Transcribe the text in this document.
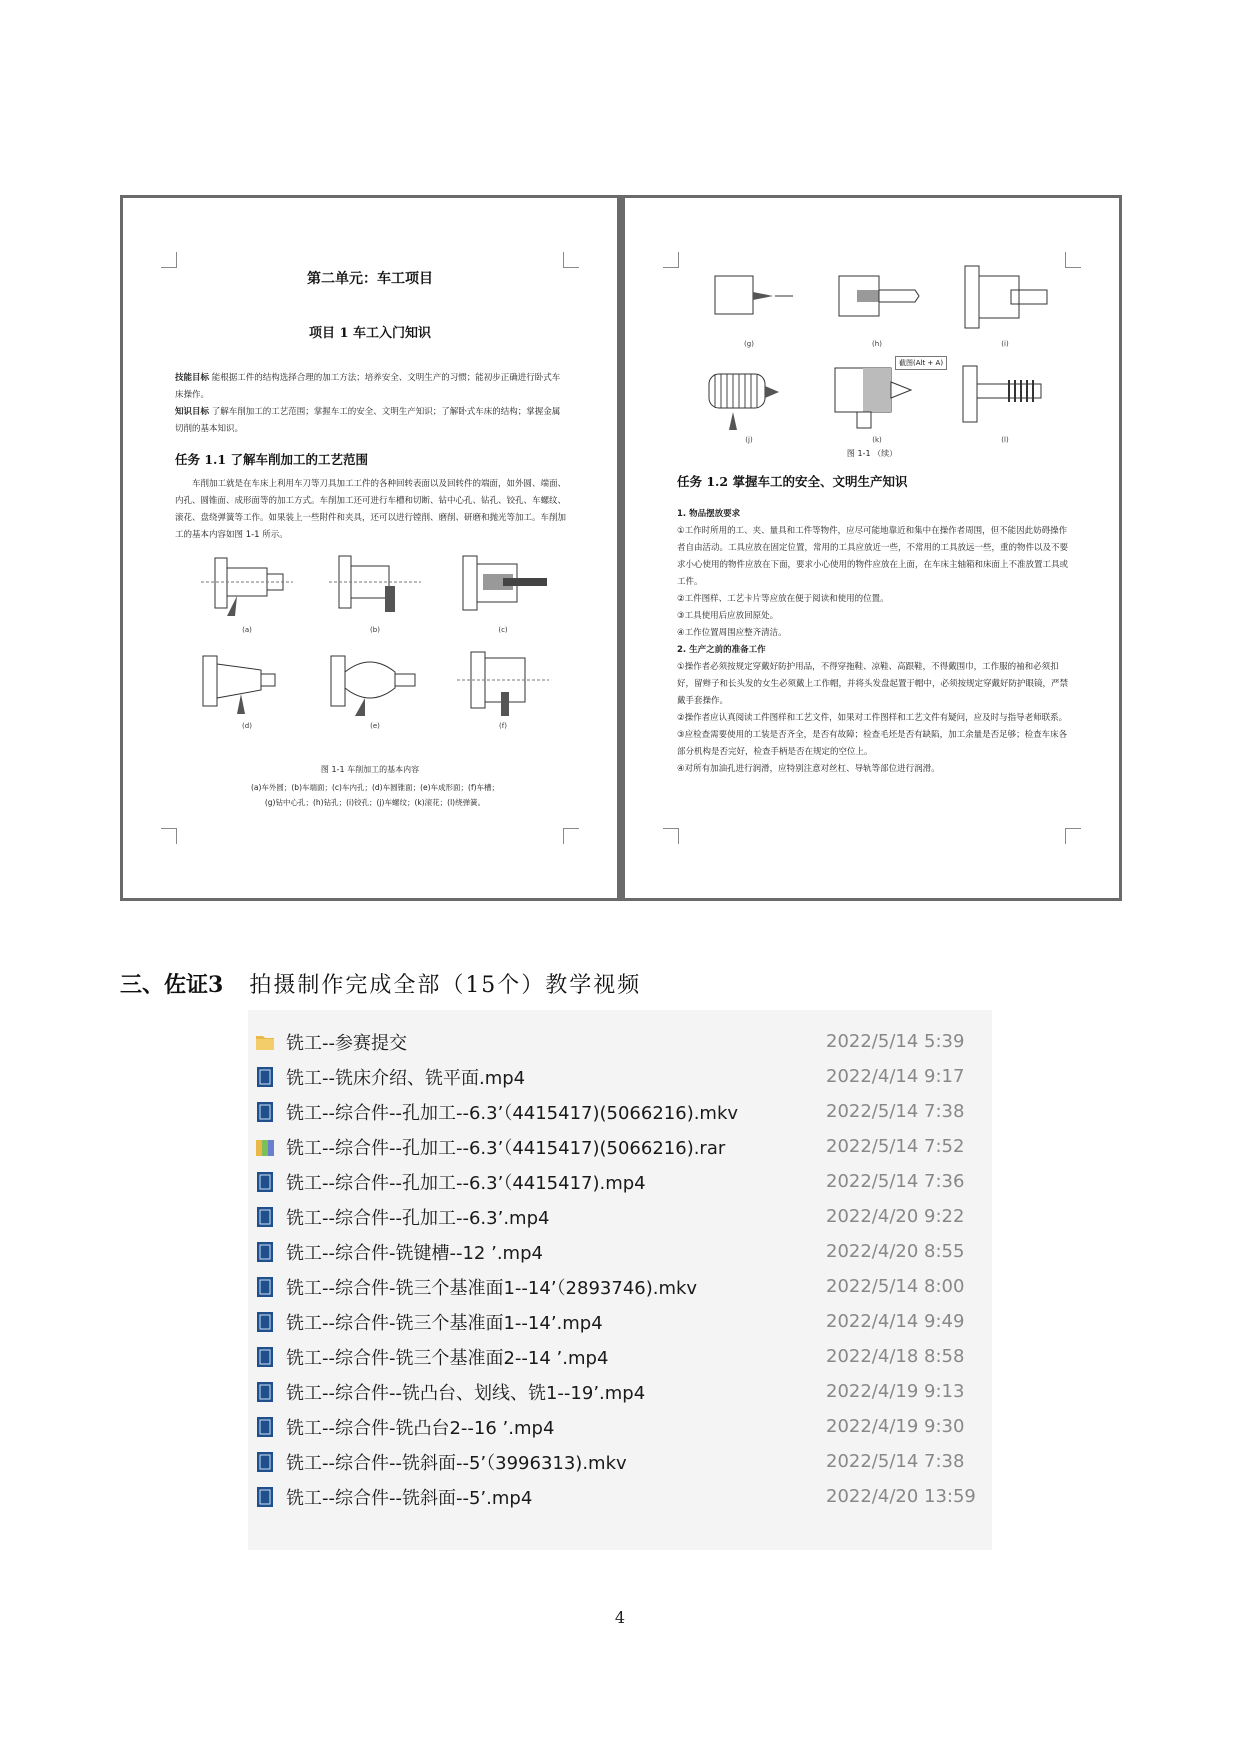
第二单元：车工项目
项目 1 车工入门知识
技能目标 能根据工件的结构选择合理的加工方法；培养安全、文明生产的习惯；能初步正确进行卧式车床操作。
知识目标 了解车削加工的工艺范围；掌握车工的安全、文明生产知识；了解卧式车床的结构；掌握金属切削的基本知识。
任务 1.1 了解车削加工的工艺范围
车削加工就是在车床上利用车刀等刀具加工工件的各种回转表面以及回转件的端面，如外圆、端面、内孔、圆锥面、成形面等的加工方式。车削加工还可进行车槽和切断、钻中心孔、钻孔、铰孔、车螺纹、滚花、盘绕弹簧等工作。如果装上一些附件和夹具，还可以进行镗削、磨削、研磨和抛光等加工。车削加工的基本内容如图 1-1 所示。
(a)	(b)	(c)
(d)	(e)	(f)
图 1-1 车削加工的基本内容
(a)车外圆；(b)车端面；(c)车内孔；(d)车圆锥面；(e)车成形面；(f)车槽；
(g)钻中心孔；(h)钻孔；(i)铰孔；(j)车螺纹；(k)滚花；(l)绕弹簧。
(g)	(h)	(i)
(j)	(k)	(l)
截图(Alt + A)
图 1-1 （续）
任务 1.2 掌握车工的安全、文明生产知识
1. 物品摆放要求
①工作时所用的工、夹、量具和工件等物件，应尽可能地靠近和集中在操作者周围，但不能因此妨碍操作者自由活动。工具应放在固定位置，常用的工具应放近一些，不常用的工具放远一些，重的物件以及不要求小心使用的物件应放在下面，要求小心使用的物件应放在上面，在车床主轴箱和床面上不准放置工具或工件。
②工件图样、工艺卡片等应放在便于阅读和使用的位置。
③工具使用后应放回原处。
④工作位置周围应整齐清洁。
2. 生产之前的准备工作
①操作者必须按规定穿戴好防护用品，不得穿拖鞋、凉鞋、高跟鞋，不得戴围巾，工作服的袖和必须扣好，留辫子和长头发的女生必须戴上工作帽，并将头发盘起置于帽中，必须按规定穿戴好防护眼镜，严禁戴手套操作。
②操作者应认真阅读工件图样和工艺文件，如果对工件图样和工艺文件有疑问，应及时与指导老师联系。
③应检查需要使用的工装是否齐全，是否有故障；检查毛坯是否有缺陷，加工余量是否足够；检查车床各部分机构是否完好，检查手柄是否在规定的空位上。
④对所有加油孔进行润滑，应特别注意对丝杠、导轨等部位进行润滑。
三、佐证3 拍摄制作完成全部（15个）教学视频
铣工--参赛提交	2022/5/14 5:39
铣工--铣床介绍、铣平面.mp4	2022/4/14 9:17
铣工--综合件--孔加工--6.3’（4415417)(5066216).mkv	2022/5/14 7:38
铣工--综合件--孔加工--6.3’（4415417)(5066216).rar	2022/5/14 7:52
铣工--综合件--孔加工--6.3’（4415417).mp4	2022/5/14 7:36
铣工--综合件--孔加工--6.3’.mp4	2022/4/20 9:22
铣工--综合件-铣键槽--12 ’.mp4	2022/4/20 8:55
铣工--综合件-铣三个基准面1--14’（2893746).mkv	2022/5/14 8:00
铣工--综合件-铣三个基准面1--14’.mp4	2022/4/14 9:49
铣工--综合件-铣三个基准面2--14 ’.mp4	2022/4/18 8:58
铣工--综合件--铣凸台、划线、铣1--19’.mp4	2022/4/19 9:13
铣工--综合件-铣凸台2--16 ’.mp4	2022/4/19 9:30
铣工--综合件--铣斜面--5’（3996313).mkv	2022/5/14 7:38
铣工--综合件--铣斜面--5’.mp4	2022/4/20 13:59
4
